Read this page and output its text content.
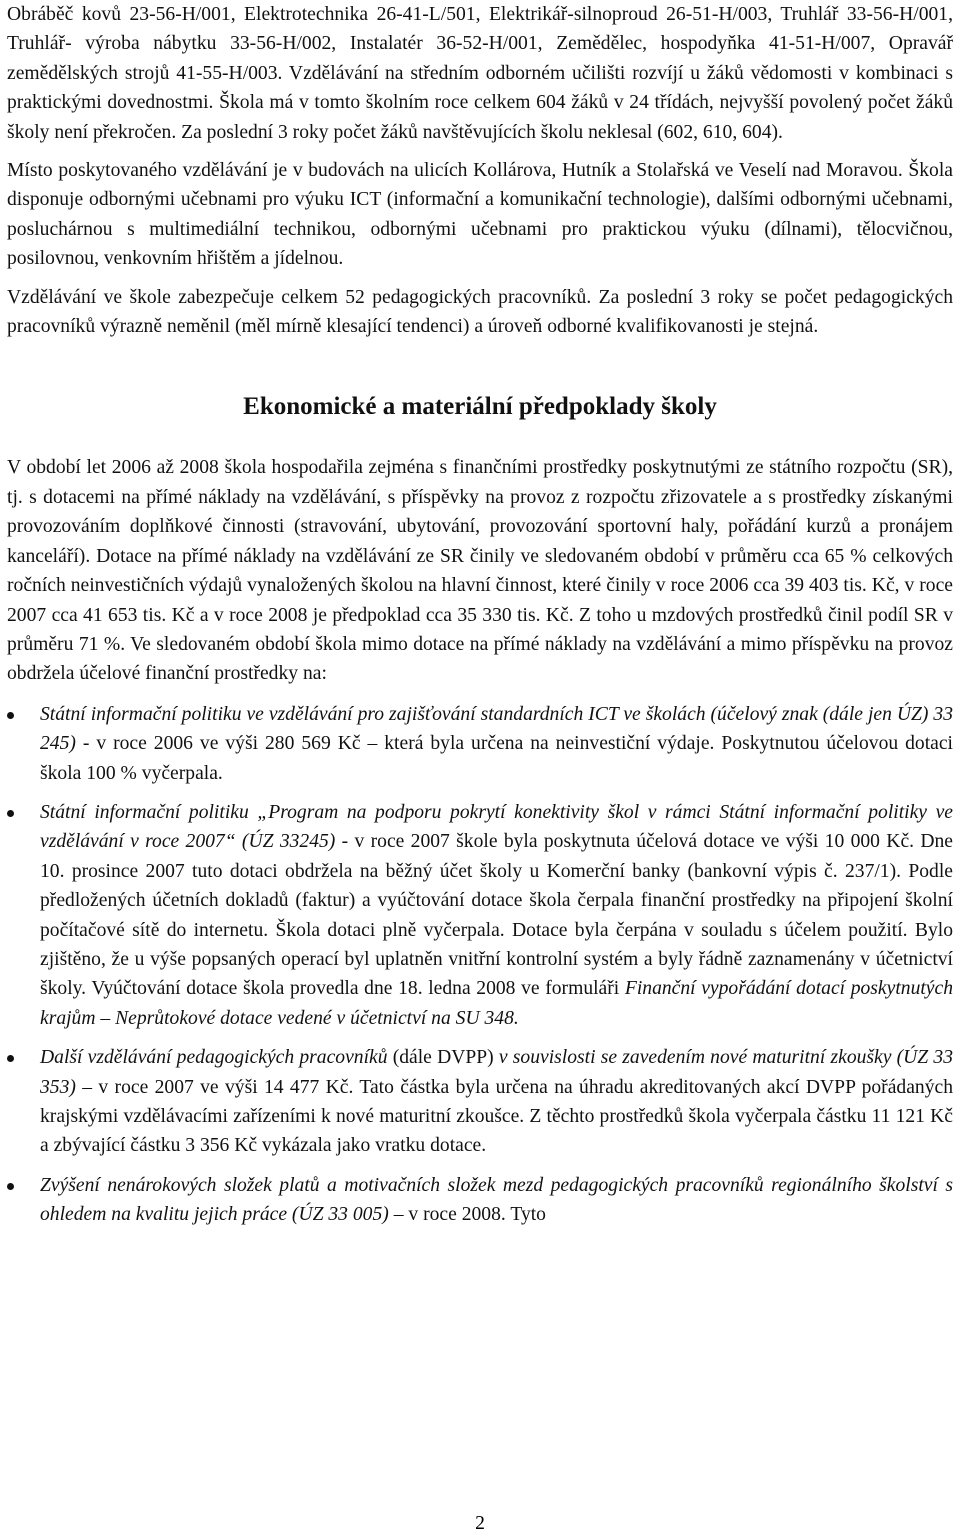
Obráběč kovů 23-56-H/001, Elektrotechnika 26-41-L/501, Elektrikář-silnoproud 26-51-H/003, Truhlář 33-56-H/001, Truhlář- výroba nábytku 33-56-H/002, Instalatér 36-52-H/001, Zemědělec, hospodyňka 41-51-H/007, Opravář zemědělských strojů 41-55-H/003. Vzdělávání na středním odborném učilišti rozvíjí u žáků vědomosti v kombinaci s praktickými dovednostmi. Škola má v tomto školním roce celkem 604 žáků v 24 třídách, nejvyšší povolený počet žáků školy není překročen. Za poslední 3 roky počet žáků navštěvujících školu neklesal (602, 610, 604).

Místo poskytovaného vzdělávání je v budovách na ulicích Kollárova, Hutník a Stolařská ve Veselí nad Moravou. Škola disponuje odbornými učebnami pro výuku ICT (informační a komunikační technologie), dalšími odbornými učebnami, posluchárnou s multimediální technikou, odbornými učebnami pro praktickou výuku (dílnami), tělocvičnou, posilovnou, venkovním hřištěm a jídelnou.

Vzdělávání ve škole zabezpečuje celkem 52 pedagogických pracovníků. Za poslední 3 roky se počet pedagogických pracovníků výrazně neměnil (měl mírně klesající tendenci) a úroveň odborné kvalifikovanosti je stejná.

Ekonomické a materiální předpoklady školy

V období let 2006 až 2008 škola hospodařila zejména s finančními prostředky poskytnutými ze státního rozpočtu (SR), tj. s dotacemi na přímé náklady na vzdělávání, s příspěvky na provoz z rozpočtu zřizovatele a s prostředky získanými provozováním doplňkové činnosti (stravování, ubytování, provozování sportovní haly, pořádání kurzů a pronájem kanceláří). Dotace na přímé náklady na vzdělávání ze SR činily ve sledovaném období v průměru cca 65 % celkových ročních neinvestičních výdajů vynaložených školou na hlavní činnost, které činily v roce 2006 cca 39 403 tis. Kč, v roce 2007 cca 41 653 tis. Kč a v roce 2008 je předpoklad cca 35 330 tis. Kč. Z toho u mzdových prostředků činil podíl SR v průměru 71 %. Ve sledovaném období škola mimo dotace na přímé náklady na vzdělávání a mimo příspěvku na provoz obdržela účelové finanční prostředky na:

Státní informační politiku ve vzdělávání pro zajišťování standardních ICT ve školách (účelový znak (dále jen ÚZ) 33 245) - v roce 2006 ve výši 280 569 Kč – která byla určena na neinvestiční výdaje. Poskytnutou účelovou dotaci škola 100 % vyčerpala.
Státní informační politiku „Program na podporu pokrytí konektivity škol v rámci Státní informační politiky ve vzdělávání v roce 2007“ (ÚZ 33245) - v roce 2007 škole byla poskytnuta účelová dotace ve výši 10 000 Kč. Dne 10. prosince 2007 tuto dotaci obdržela na běžný účet školy u Komerční banky (bankovní výpis č. 237/1). Podle předložených účetních dokladů (faktur) a vyúčtování dotace škola čerpala finanční prostředky na připojení školní počítačové sítě do internetu. Škola dotaci plně vyčerpala. Dotace byla čerpána v souladu s účelem použití. Bylo zjištěno, že u výše popsaných operací byl uplatněn vnitřní kontrolní systém a byly řádně zaznamenány v účetnictví školy. Vyúčtování dotace škola provedla dne 18. ledna 2008 ve formuláři Finanční vypořádání dotací poskytnutých krajům – Neprůtokové dotace vedené v účetnictví na SU 348.
Další vzdělávání pedagogických pracovníků (dále DVPP) v souvislosti se zavedením nové maturitní zkoušky (ÚZ 33 353) – v roce 2007 ve výši 14 477 Kč. Tato částka byla určena na úhradu akreditovaných akcí DVPP pořádaných krajskými vzdělávacími zařízeními k nové maturitní zkoušce. Z těchto prostředků škola vyčerpala částku 11 121 Kč a zbývající částku 3 356 Kč vykázala jako vratku dotace.
Zvýšení nenárokových složek platů a motivačních složek mezd pedagogických pracovníků regionálního školství s ohledem na kvalitu jejich práce (ÚZ 33 005) – v roce 2008. Tyto
2
